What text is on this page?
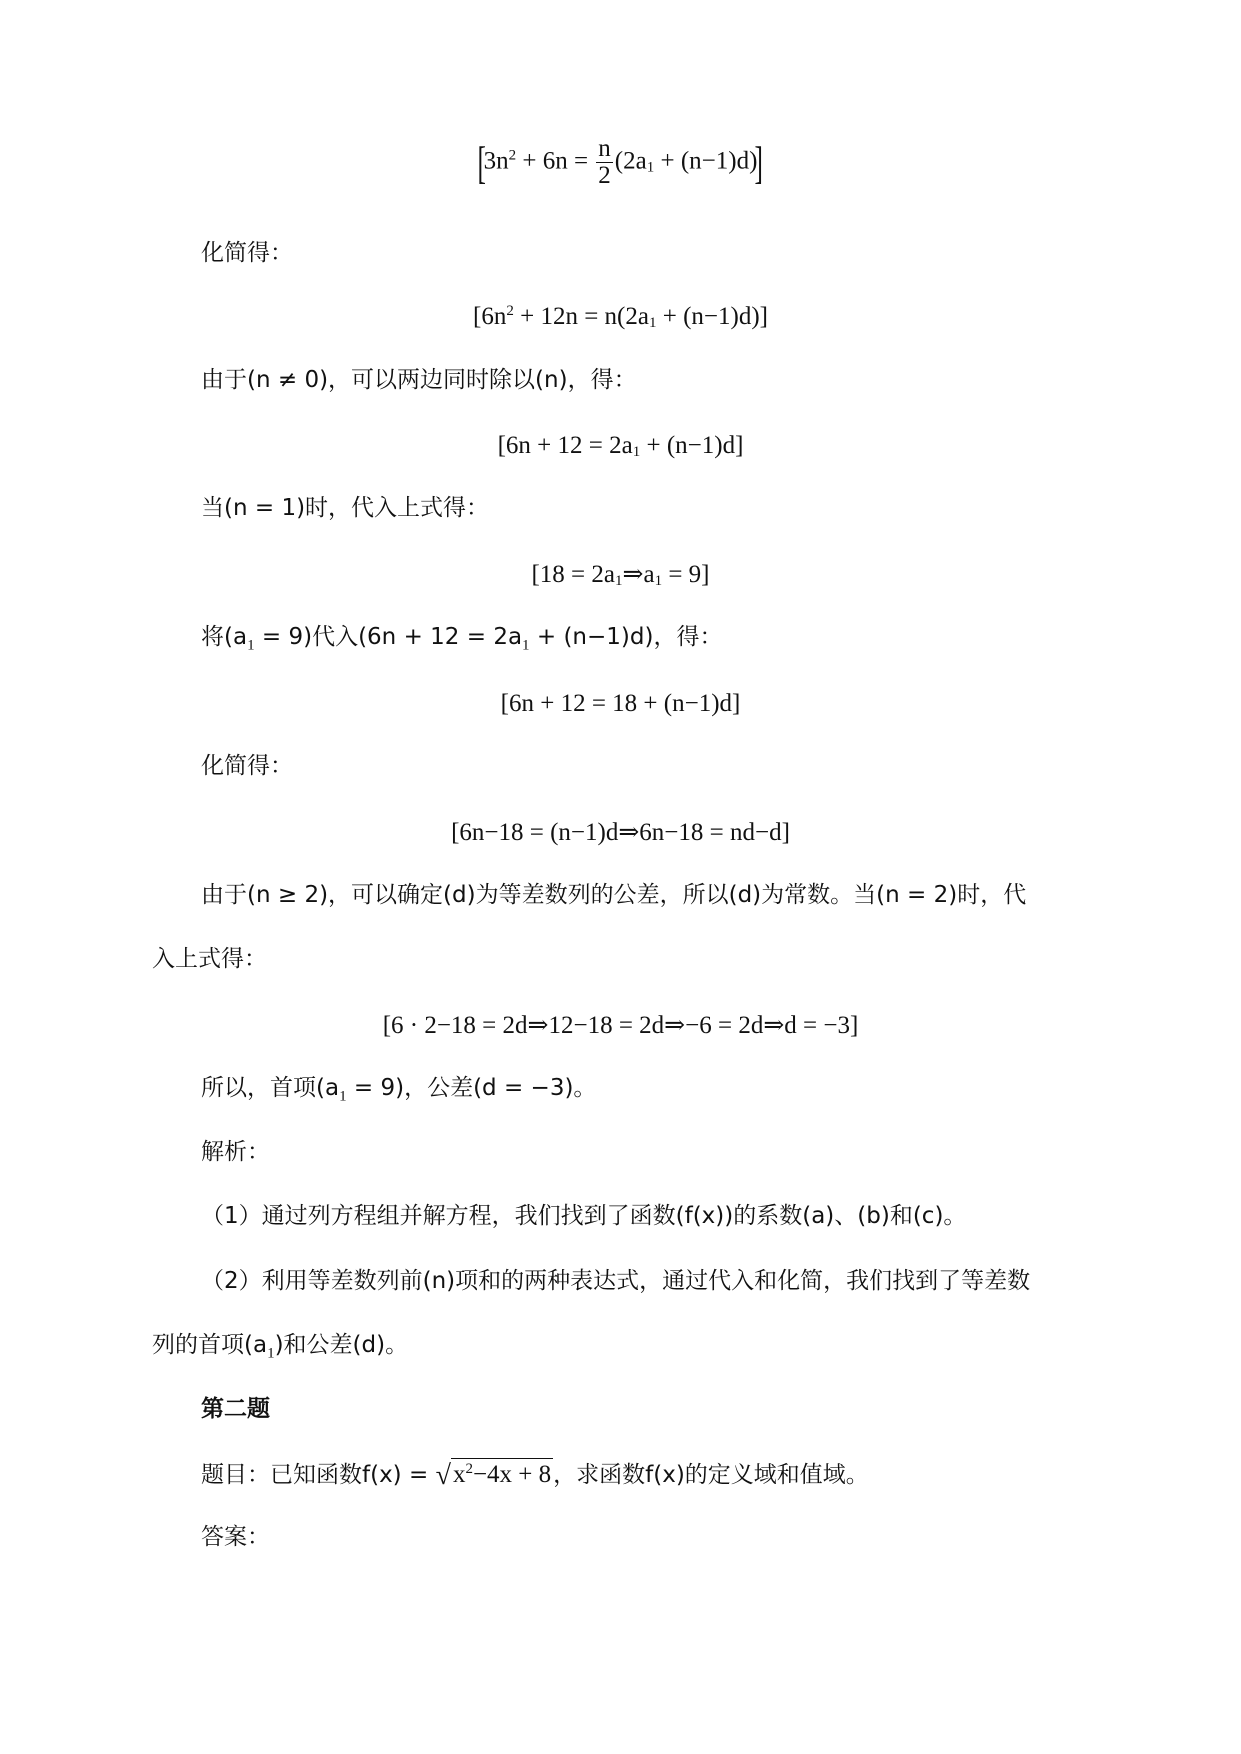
$[3n^2 + 6n = \frac{n}{2} (2a_1 + (n-1)d)]$
化简得：
$[6n^2 + 12n = n(2a_1 + (n-1)d)]$
由于(n ≠ 0)，可以两边同时除以(n)，得：
$[6n + 12 = 2a_1 + (n-1)d]$
当(n = 1)时，代入上式得：
$[18 = 2a_1\Rightarrow a_1 = 9]$
将$(a_1 = 9)$代入$(6n + 12 = 2a_1 + (n-1)d)$，得：
[6n + 12 = 18 + (n−1)d]
化简得：
[6n−18 = (n−1)d⇒6n−18 = nd−d]
由于(n ≥ 2)，可以确定(d)为等差数列的公差，所以(d)为常数。当(n = 2)时，代
入上式得：
[6 · 2−18 = 2d⇒12−18 = 2d⇒−6 = 2d⇒d = −3]
所以，首项$(a_1 = 9)$，公差(d = −3)。
解析：
（1）通过列方程组并解方程，我们找到了函数(f(x))的系数(a)、(b)和(c)。
（2）利用等差数列前(n)项和的两种表达式，通过代入和化简，我们找到了等差数
列的首项$(a_1)$和公差(d)。
第二题
题目：已知函数$f(x) = √x^2-4x + 8$，求函数f(x)的定义域和值域。
答案：
